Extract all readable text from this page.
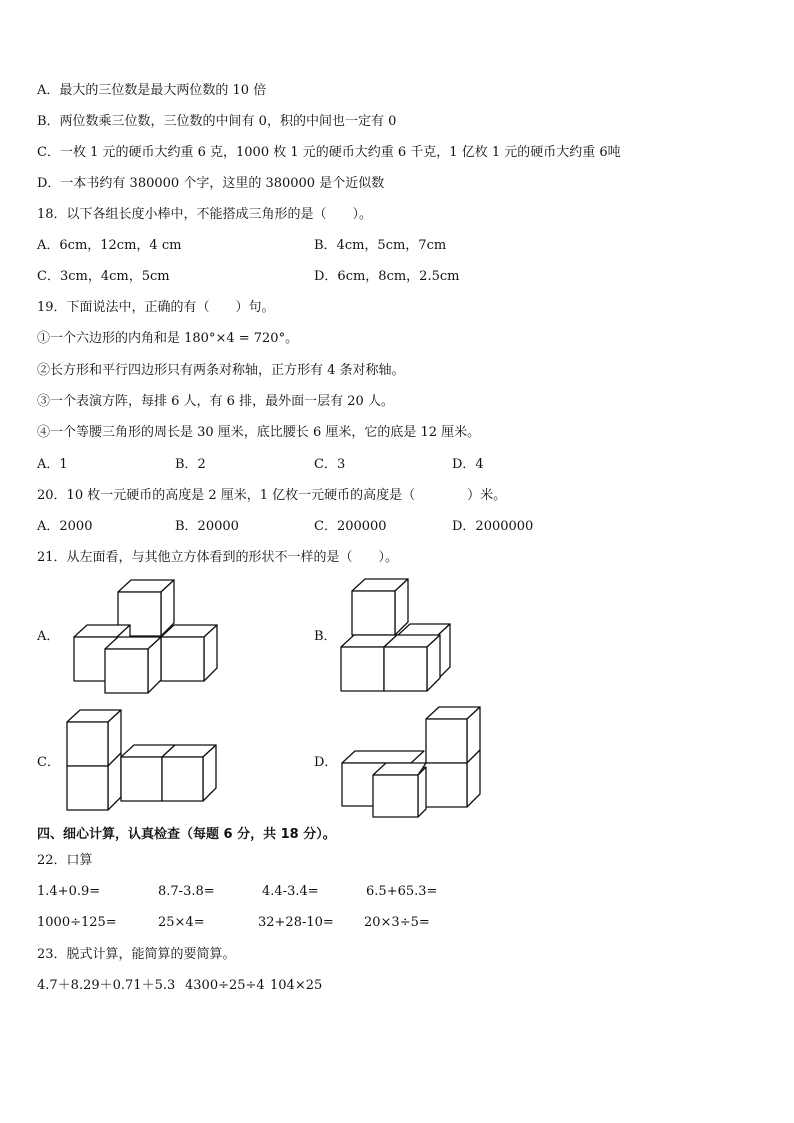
A．最大的三位数是最大两位数的 10 倍
B．两位数乘三位数，三位数的中间有 0，积的中间也一定有 0
C．一枚 1 元的硬币大约重 6 克，1000 枚 1 元的硬币大约重 6 千克，1 亿枚 1 元的硬币大约重 6吨
D．一本书约有 380000 个字，这里的 380000 是个近似数
18．以下各组长度小棒中，不能搭成三角形的是（　　）。
A．6cm，12cm，4 cm	B．4cm，5cm，7cm
C．3cm，4cm，5cm	D．6cm，8cm，2.5cm
19．下面说法中，正确的有（　　）句。
①一个六边形的内角和是 180°×4 = 720°。
②长方形和平行四边形只有两条对称轴，正方形有 4 条对称轴。
③一个表演方阵，每排 6 人，有 6 排，最外面一层有 20 人。
④一个等腰三角形的周长是 30 厘米，底比腰长 6 厘米，它的底是 12 厘米。
A．1	B．2	C．3	D．4
20．10 枚一元硬币的高度是 2 厘米，1 亿枚一元硬币的高度是（　　　　）米。
A．2000	B．20000	C．200000	D．2000000
21．从左面看，与其他立方体看到的形状不一样的是（　　）。
A．	B．
C．	D．
四、细心计算，认真检查（每题 6 分，共 18 分）。
22．口算
1.4+0.9=	8.7-3.8=	4.4-3.4=	6.5+65.3=
1000÷125=	25×4=	32+28-10= 20×3÷5=
23．脱式计算，能简算的要简算。
4.7＋8.29＋0.71＋5.3 4300÷25÷4 104×25
